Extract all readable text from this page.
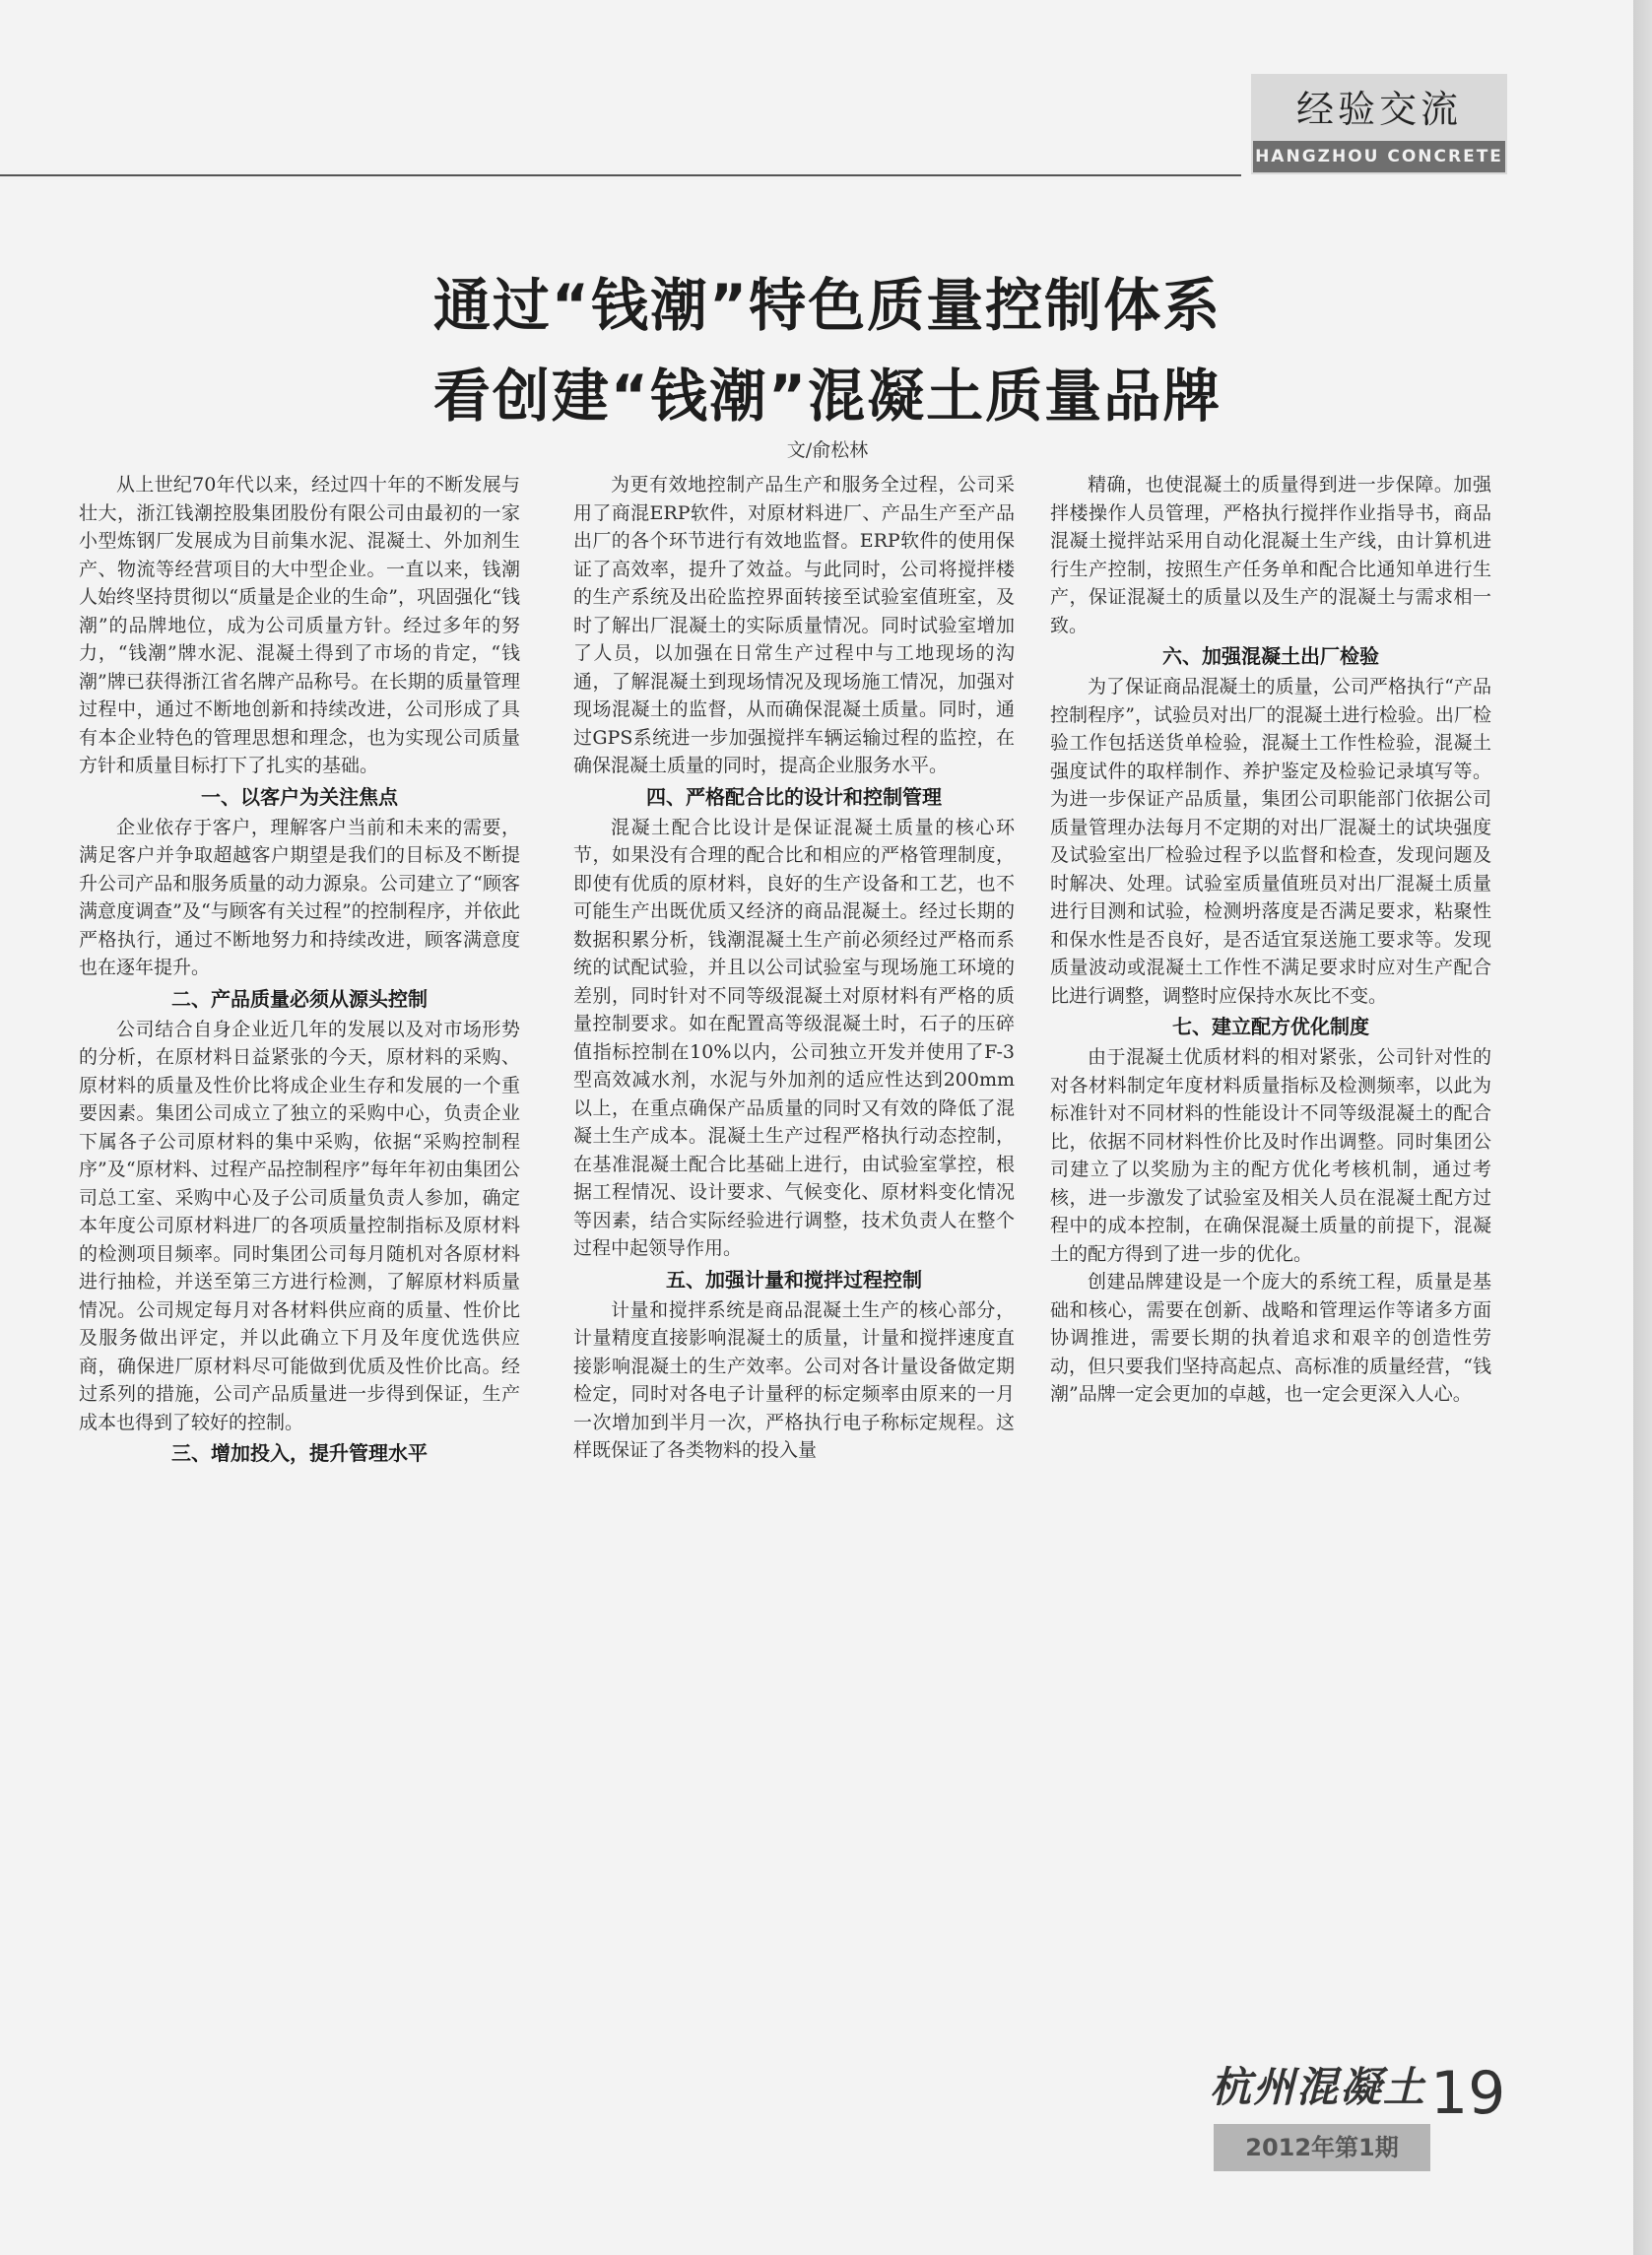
经验交流
HANGZHOU CONCRETE
通过“钱潮”特色质量控制体系
看创建“钱潮”混凝土质量品牌
文/俞松林

从上世纪70年代以来，经过四十年的不断发展与壮大，浙江钱潮控股集团股份有限公司由最初的一家小型炼钢厂发展成为目前集水泥、混凝土、外加剂生产、物流等经营项目的大中型企业。一直以来，钱潮人始终坚持贯彻以“质量是企业的生命”，巩固强化“钱潮”的品牌地位，成为公司质量方针。经过多年的努力，“钱潮”牌水泥、混凝土得到了市场的肯定，“钱潮”牌已获得浙江省名牌产品称号。在长期的质量管理过程中，通过不断地创新和持续改进，公司形成了具有本企业特色的管理思想和理念，也为实现公司质量方针和质量目标打下了扎实的基础。

一、以客户为关注焦点

企业依存于客户，理解客户当前和未来的需要，满足客户并争取超越客户期望是我们的目标及不断提升公司产品和服务质量的动力源泉。公司建立了“顾客满意度调查”及“与顾客有关过程”的控制程序，并依此严格执行，通过不断地努力和持续改进，顾客满意度也在逐年提升。

二、产品质量必须从源头控制

公司结合自身企业近几年的发展以及对市场形势的分析，在原材料日益紧张的今天，原材料的采购、原材料的质量及性价比将成企业生存和发展的一个重要因素。集团公司成立了独立的采购中心，负责企业下属各子公司原材料的集中采购，依据“采购控制程序”及“原材料、过程产品控制程序”每年年初由集团公司总工室、采购中心及子公司质量负责人参加，确定本年度公司原材料进厂的各项质量控制指标及原材料的检测项目频率。同时集团公司每月随机对各原材料进行抽检，并送至第三方进行检测，了解原材料质量情况。公司规定每月对各材料供应商的质量、性价比及服务做出评定，并以此确立下月及年度优选供应商，确保进厂原材料尽可能做到优质及性价比高。经过系列的措施，公司产品质量进一步得到保证，生产成本也得到了较好的控制。

三、增加投入，提升管理水平

为更有效地控制产品生产和服务全过程，公司采用了商混ERP软件，对原材料进厂、产品生产至产品出厂的各个环节进行有效地监督。ERP软件的使用保证了高效率，提升了效益。与此同时，公司将搅拌楼的生产系统及出砼监控界面转接至试验室值班室，及时了解出厂混凝土的实际质量情况。同时试验室增加了人员，以加强在日常生产过程中与工地现场的沟通，了解混凝土到现场情况及现场施工情况，加强对现场混凝土的监督，从而确保混凝土质量。同时，通过GPS系统进一步加强搅拌车辆运输过程的监控，在确保混凝土质量的同时，提高企业服务水平。

四、严格配合比的设计和控制管理

混凝土配合比设计是保证混凝土质量的核心环节，如果没有合理的配合比和相应的严格管理制度，即使有优质的原材料，良好的生产设备和工艺，也不可能生产出既优质又经济的商品混凝土。经过长期的数据积累分析，钱潮混凝土生产前必须经过严格而系统的试配试验，并且以公司试验室与现场施工环境的差别，同时针对不同等级混凝土对原材料有严格的质量控制要求。如在配置高等级混凝土时，石子的压碎值指标控制在10%以内，公司独立开发并使用了F-3型高效减水剂，水泥与外加剂的适应性达到200mm以上，在重点确保产品质量的同时又有效的降低了混凝土生产成本。混凝土生产过程严格执行动态控制，在基准混凝土配合比基础上进行，由试验室掌控，根据工程情况、设计要求、气候变化、原材料变化情况等因素，结合实际经验进行调整，技术负责人在整个过程中起领导作用。

五、加强计量和搅拌过程控制

计量和搅拌系统是商品混凝土生产的核心部分，计量精度直接影响混凝土的质量，计量和搅拌速度直接影响混凝土的生产效率。公司对各计量设备做定期检定，同时对各电子计量秤的标定频率由原来的一月一次增加到半月一次，严格执行电子称标定规程。这样既保证了各类物料的投入量

精确，也使混凝土的质量得到进一步保障。加强拌楼操作人员管理，严格执行搅拌作业指导书，商品混凝土搅拌站采用自动化混凝土生产线，由计算机进行生产控制，按照生产任务单和配合比通知单进行生产，保证混凝土的质量以及生产的混凝土与需求相一致。

六、加强混凝土出厂检验

为了保证商品混凝土的质量，公司严格执行“产品控制程序”，试验员对出厂的混凝土进行检验。出厂检验工作包括送货单检验，混凝土工作性检验，混凝土强度试件的取样制作、养护鉴定及检验记录填写等。为进一步保证产品质量，集团公司职能部门依据公司质量管理办法每月不定期的对出厂混凝土的试块强度及试验室出厂检验过程予以监督和检查，发现问题及时解决、处理。试验室质量值班员对出厂混凝土质量进行目测和试验，检测坍落度是否满足要求，粘聚性和保水性是否良好，是否适宜泵送施工要求等。发现质量波动或混凝土工作性不满足要求时应对生产配合比进行调整，调整时应保持水灰比不变。

七、建立配方优化制度

由于混凝土优质材料的相对紧张，公司针对性的对各材料制定年度材料质量指标及检测频率，以此为标准针对不同材料的性能设计不同等级混凝土的配合比，依据不同材料性价比及时作出调整。同时集团公司建立了以奖励为主的配方优化考核机制，通过考核，进一步激发了试验室及相关人员在混凝土配方过程中的成本控制，在确保混凝土质量的前提下，混凝土的配方得到了进一步的优化。

创建品牌建设是一个庞大的系统工程，质量是基础和核心，需要在创新、战略和管理运作等诸多方面协调推进，需要长期的执着追求和艰辛的创造性劳动，但只要我们坚持高起点、高标准的质量经营，“钱潮”品牌一定会更加的卓越，也一定会更深入人心。

杭州混凝土 19
2012年第1期
